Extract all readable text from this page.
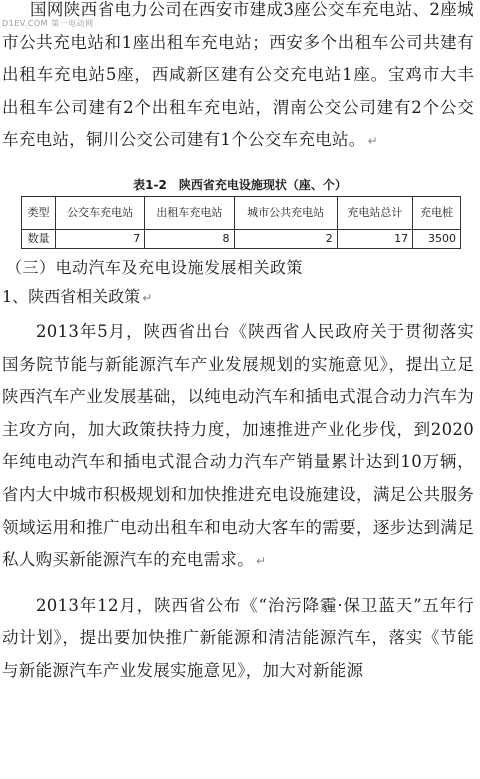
D1EV.COM 第一电动网

国网陕西省电力公司在西安市建成3座公交车充电站、2座城市公共充电站和1座出租车充电站；西安多个出租车公司共建有出租车充电站5座，西咸新区建有公交充电站1座。宝鸡市大丰出租车公司建有2个出租车充电站，渭南公交公司建有2个公交车充电站，铜川公交公司建有1个公交车充电站。 ↵

表1-2　陕西省充电设施现状（座、个）
类型	公交车充电站	出租车充电站	城市公共充电站	充电站总计	充电桩
数量	7	8	2	17	3500
（三）电动汽车及充电设施发展相关政策
1、陕西省相关政策 ↵

2013年5月，陕西省出台《陕西省人民政府关于贯彻落实国务院节能与新能源汽车产业发展规划的实施意见》，提出立足陕西汽车产业发展基础，以纯电动汽车和插电式混合动力汽车为主攻方向，加大政策扶持力度，加速推进产业化步伐，到2020年纯电动汽车和插电式混合动力汽车产销量累计达到10万辆，省内大中城市积极规划和加快推进充电设施建设，满足公共服务领域运用和推广电动出租车和电动大客车的需要，逐步达到满足私人购买新能源汽车的充电需求。 ↵

2013年12月，陕西省公布《“治污降霾·保卫蓝天”五年行动计划》，提出要加快推广新能源和清洁能源汽车，落实《节能与新能源汽车产业发展实施意见》，加大对新能源
